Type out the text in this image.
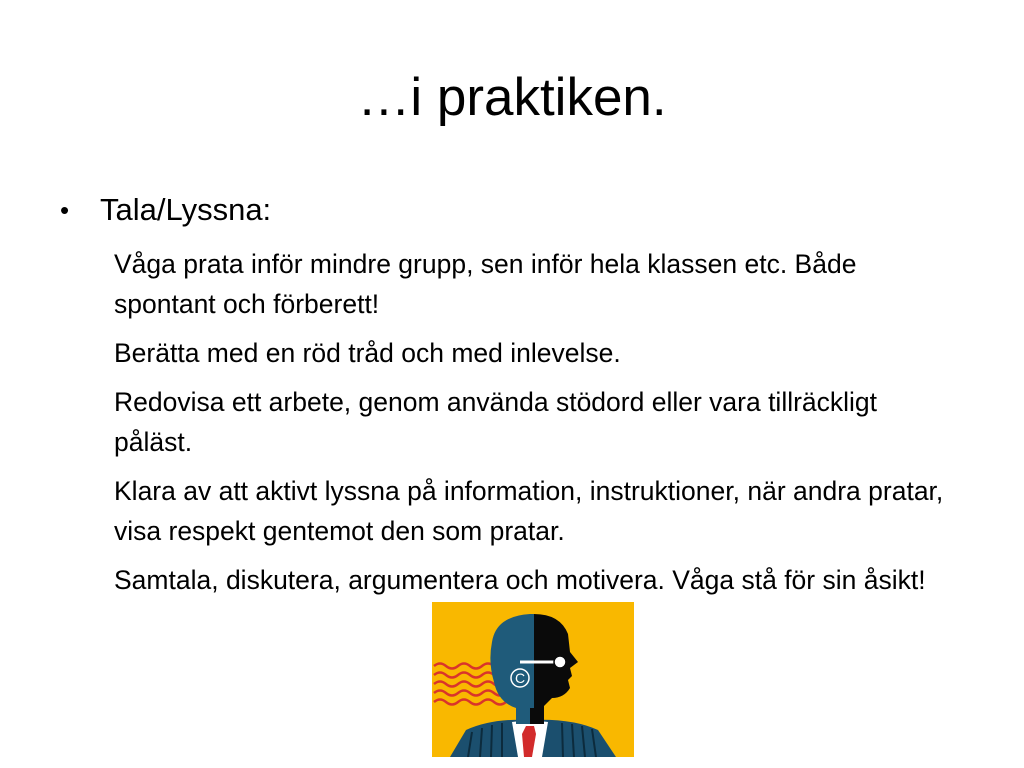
…i praktiken.
• Tala/Lyssna:
Våga prata inför mindre grupp, sen inför hela klassen etc. Både spontant och förberett!
Berätta med en röd tråd och med inlevelse.
Redovisa ett arbete, genom använda stödord eller vara tillräckligt påläst.
Klara av att aktivt lyssna på information, instruktioner, när andra pratar, visa respekt gentemot den som pratar.
Samtala, diskutera, argumentera och motivera. Våga stå för sin åsikt!
C
